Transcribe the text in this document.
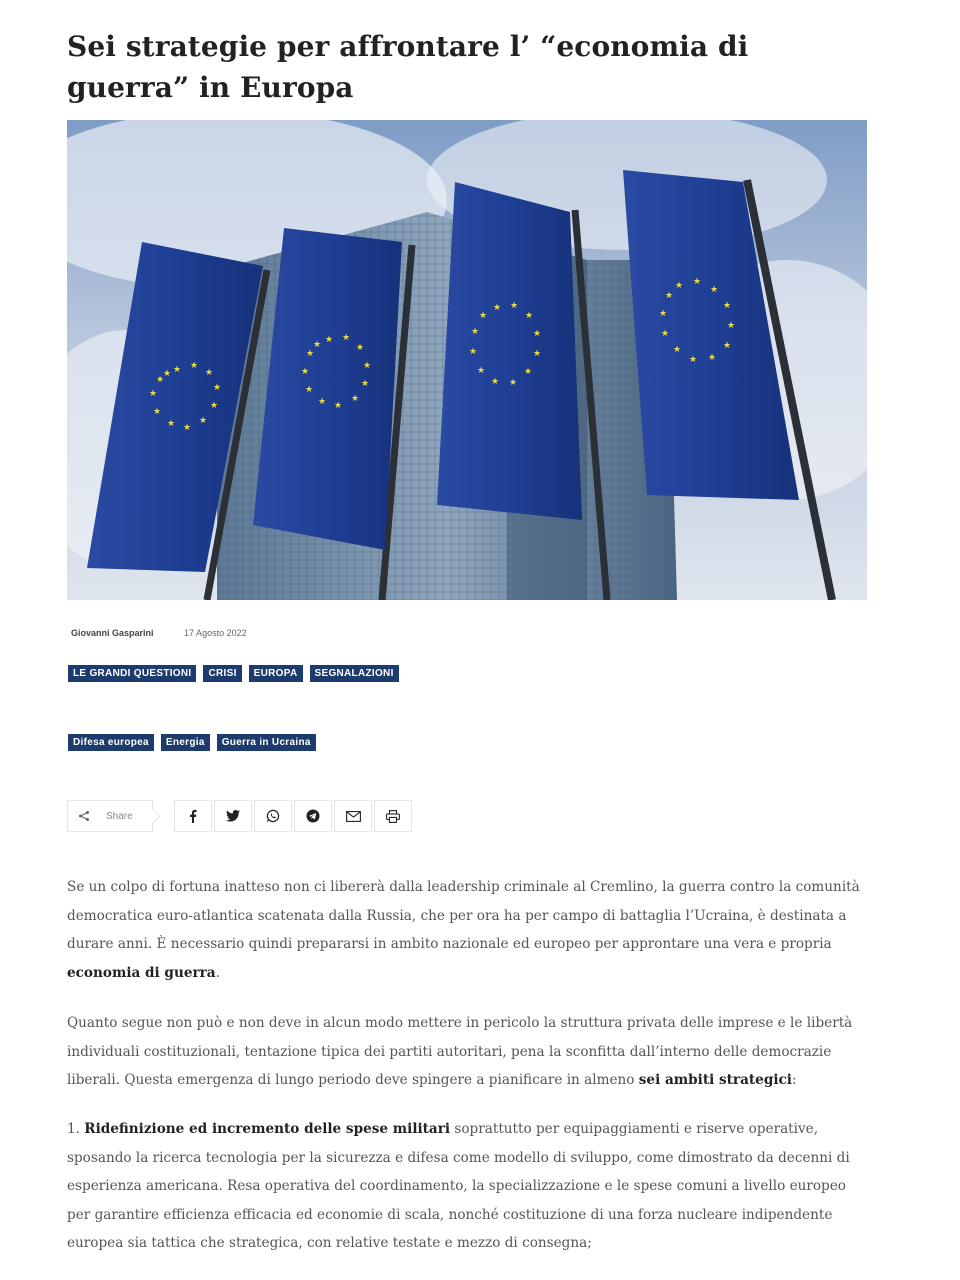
Sei strategie per affrontare l’ “economia di guerra” in Europa
★ ★
★
★
★
★
★
★
★
★
★
★
★ ★
★
★
★
★
★
★
★
★
★
★
★ ★
★
★
★
★
★
★
★
★
★
★
★ ★
★
★
★
★
★
★
★
★
★
★
Giovanni Gasparini	17 Agosto 2022
LE GRANDI QUESTIONI	CRISI	EUROPA	SEGNALAZIONI
Difesa europea	Energia	Guerra in Ucraina
Share

Se un colpo di fortuna inatteso non ci libererà dalla leadership criminale al Cremlino, la guerra contro la comunità democratica euro-atlantica scatenata dalla Russia, che per ora ha per campo di battaglia l’Ucraina, è destinata a durare anni. È necessario quindi prepararsi in ambito nazionale ed europeo per approntare una vera e propria economia di guerra.

Quanto segue non può e non deve in alcun modo mettere in pericolo la struttura privata delle imprese e le libertà individuali costituzionali, tentazione tipica dei partiti autoritari, pena la sconfitta dall’interno delle democrazie liberali. Questa emergenza di lungo periodo deve spingere a pianificare in almeno sei ambiti strategici:

1. Ridefinizione ed incremento delle spese militari soprattutto per equipaggiamenti e riserve operative, sposando la ricerca tecnologia per la sicurezza e difesa come modello di sviluppo, come dimostrato da decenni di esperienza americana. Resa operativa del coordinamento, la specializzazione e le spese comuni a livello europeo per garantire efficienza efficacia ed economie di scala, nonché costituzione di una forza nucleare indipendente europea sia tattica che strategica, con relative testate e mezzo di consegna;
